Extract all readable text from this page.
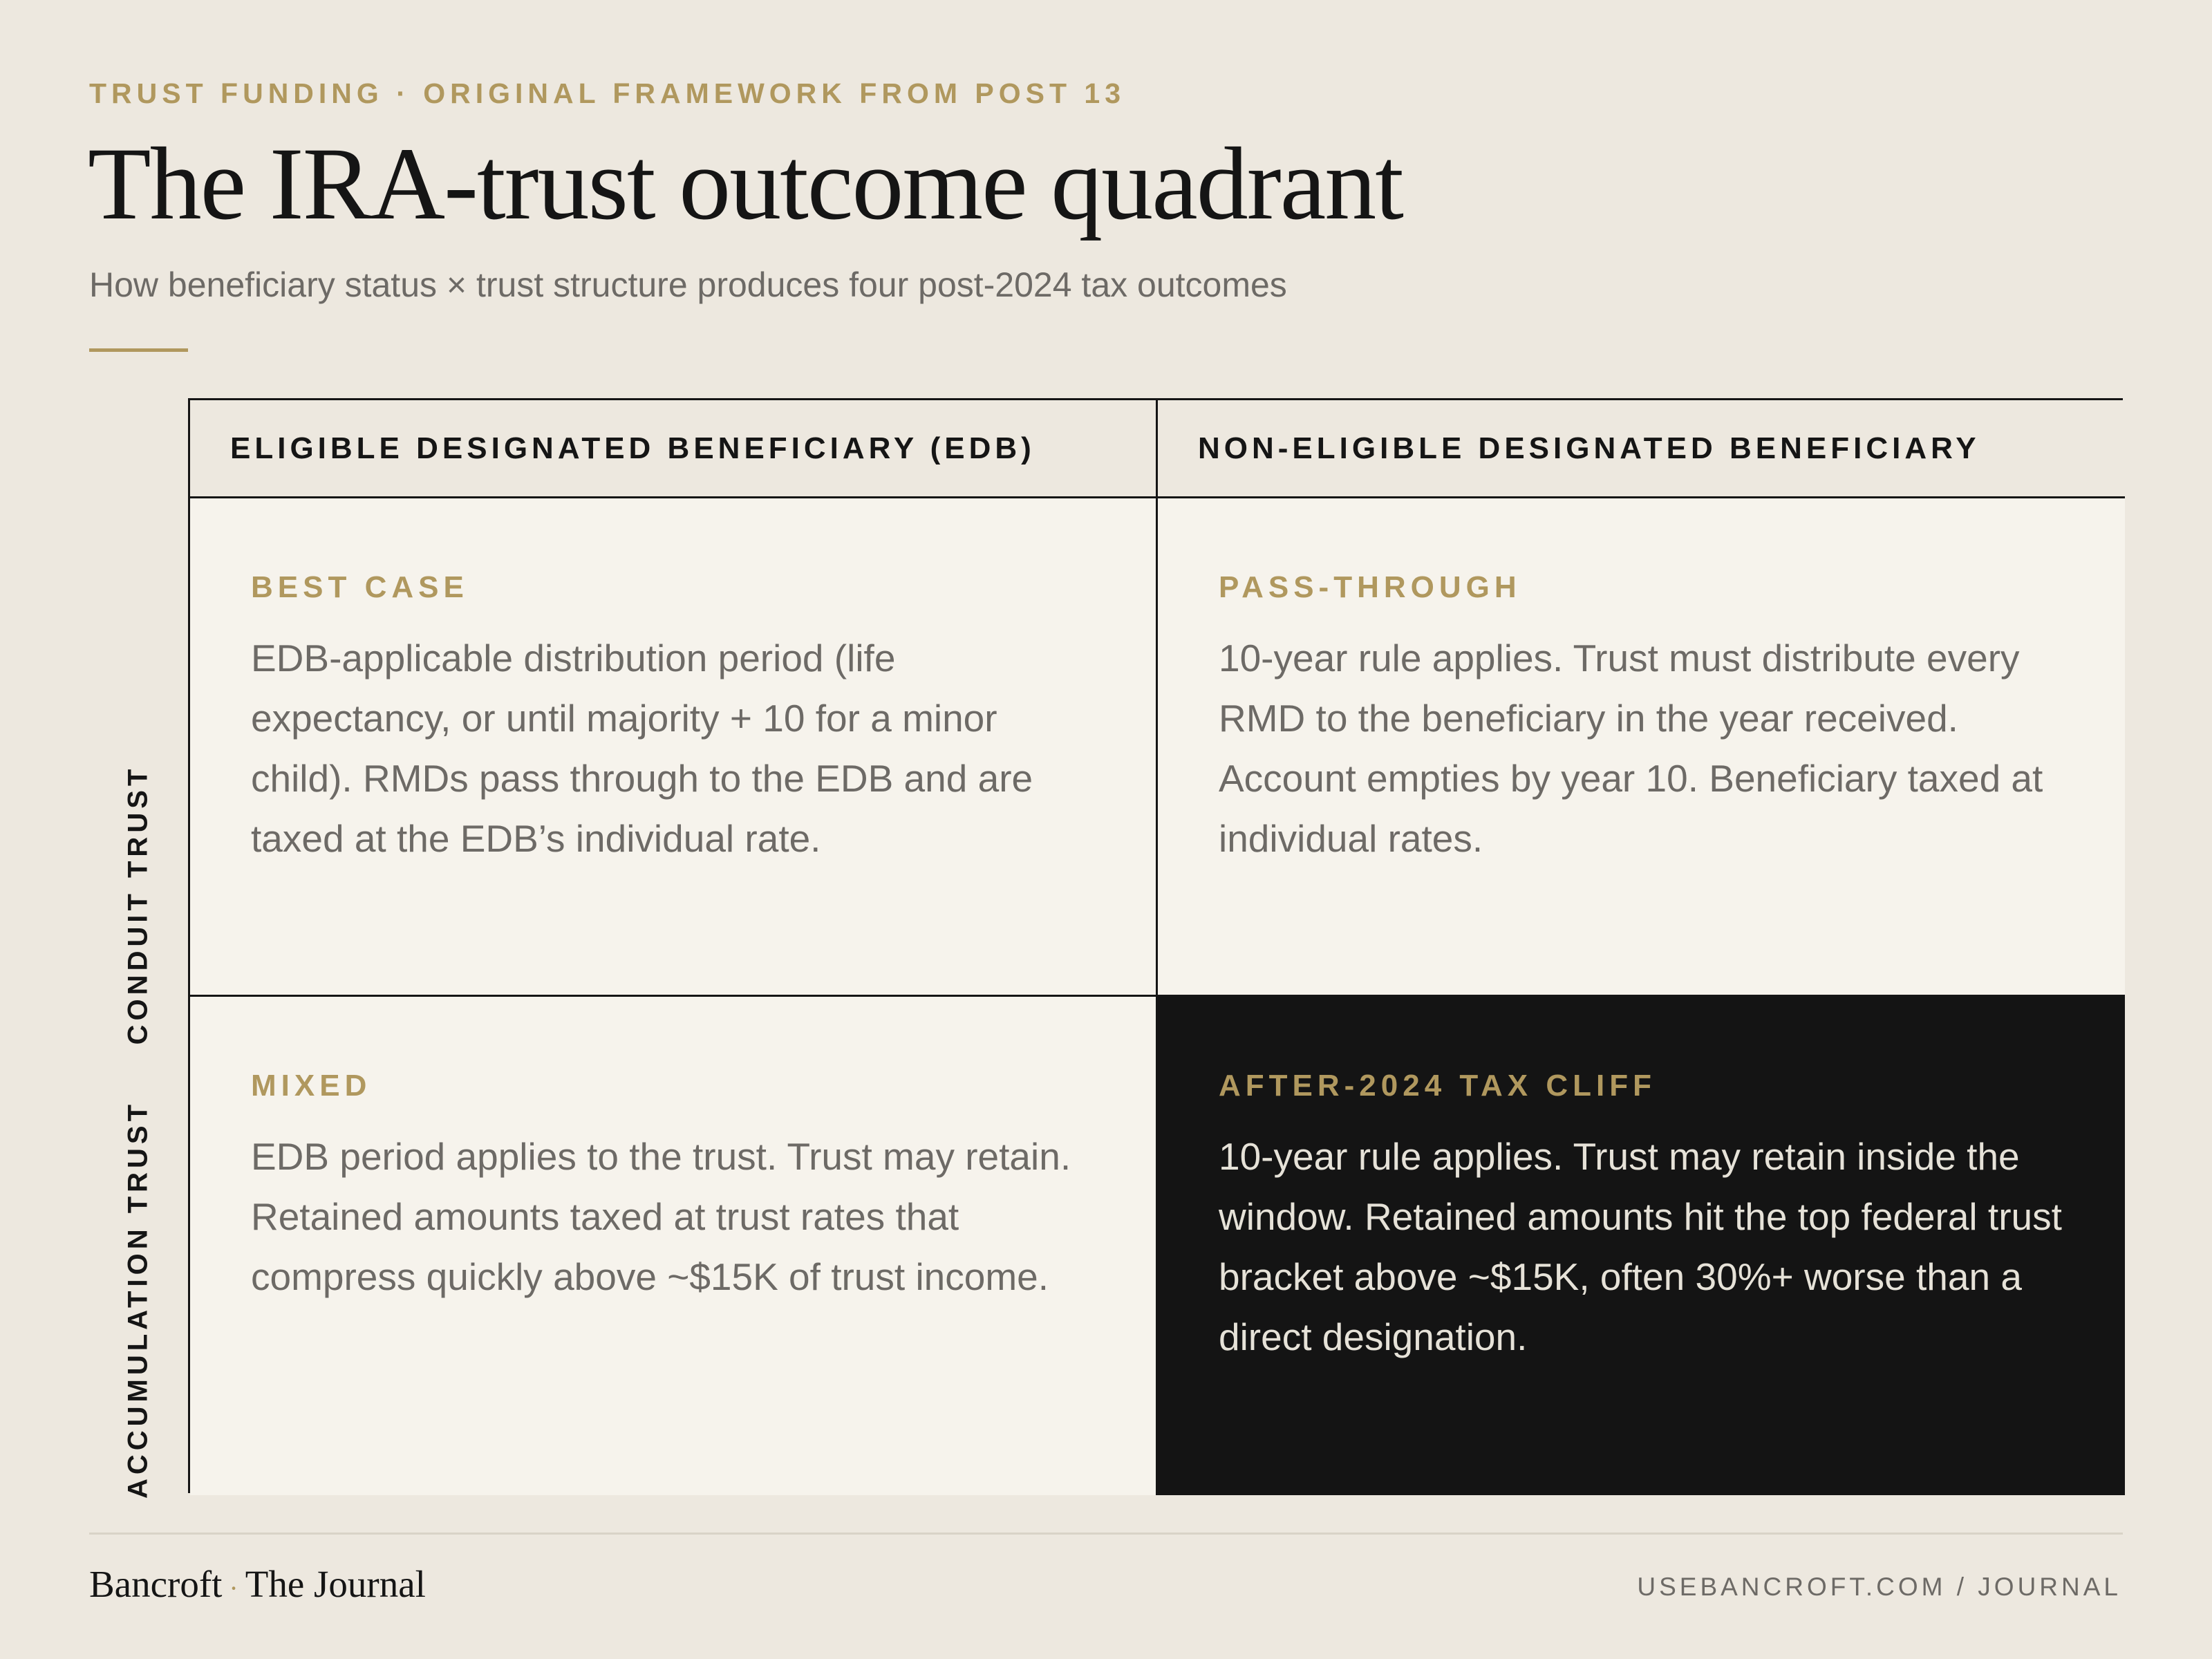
TRUST FUNDING · ORIGINAL FRAMEWORK FROM POST 13
The IRA-trust outcome quadrant
How beneficiary status × trust structure produces four post-2024 tax outcomes
CONDUIT TRUST
ACCUMULATION TRUST
ELIGIBLE DESIGNATED BENEFICIARY (EDB)	NON-ELIGIBLE DESIGNATED BENEFICIARY
BEST CASE
EDB-applicable distribution period (life expectancy, or until majority + 10 for a minor child). RMDs pass through to the EDB and are taxed at the EDB’s individual rate.
PASS-THROUGH
10-year rule applies. Trust must distribute every RMD to the beneficiary in the year received. Account empties by year 10. Beneficiary taxed at individual rates.
MIXED
EDB period applies to the trust. Trust may retain. Retained amounts taxed at trust rates that compress quickly above ~$15K of trust income.
AFTER-2024 TAX CLIFF
10-year rule applies. Trust may retain inside the window. Retained amounts hit the top federal trust bracket above ~$15K, often 30%+ worse than a direct designation.
Bancroft · The Journal	USEBANCROFT.COM / JOURNAL
